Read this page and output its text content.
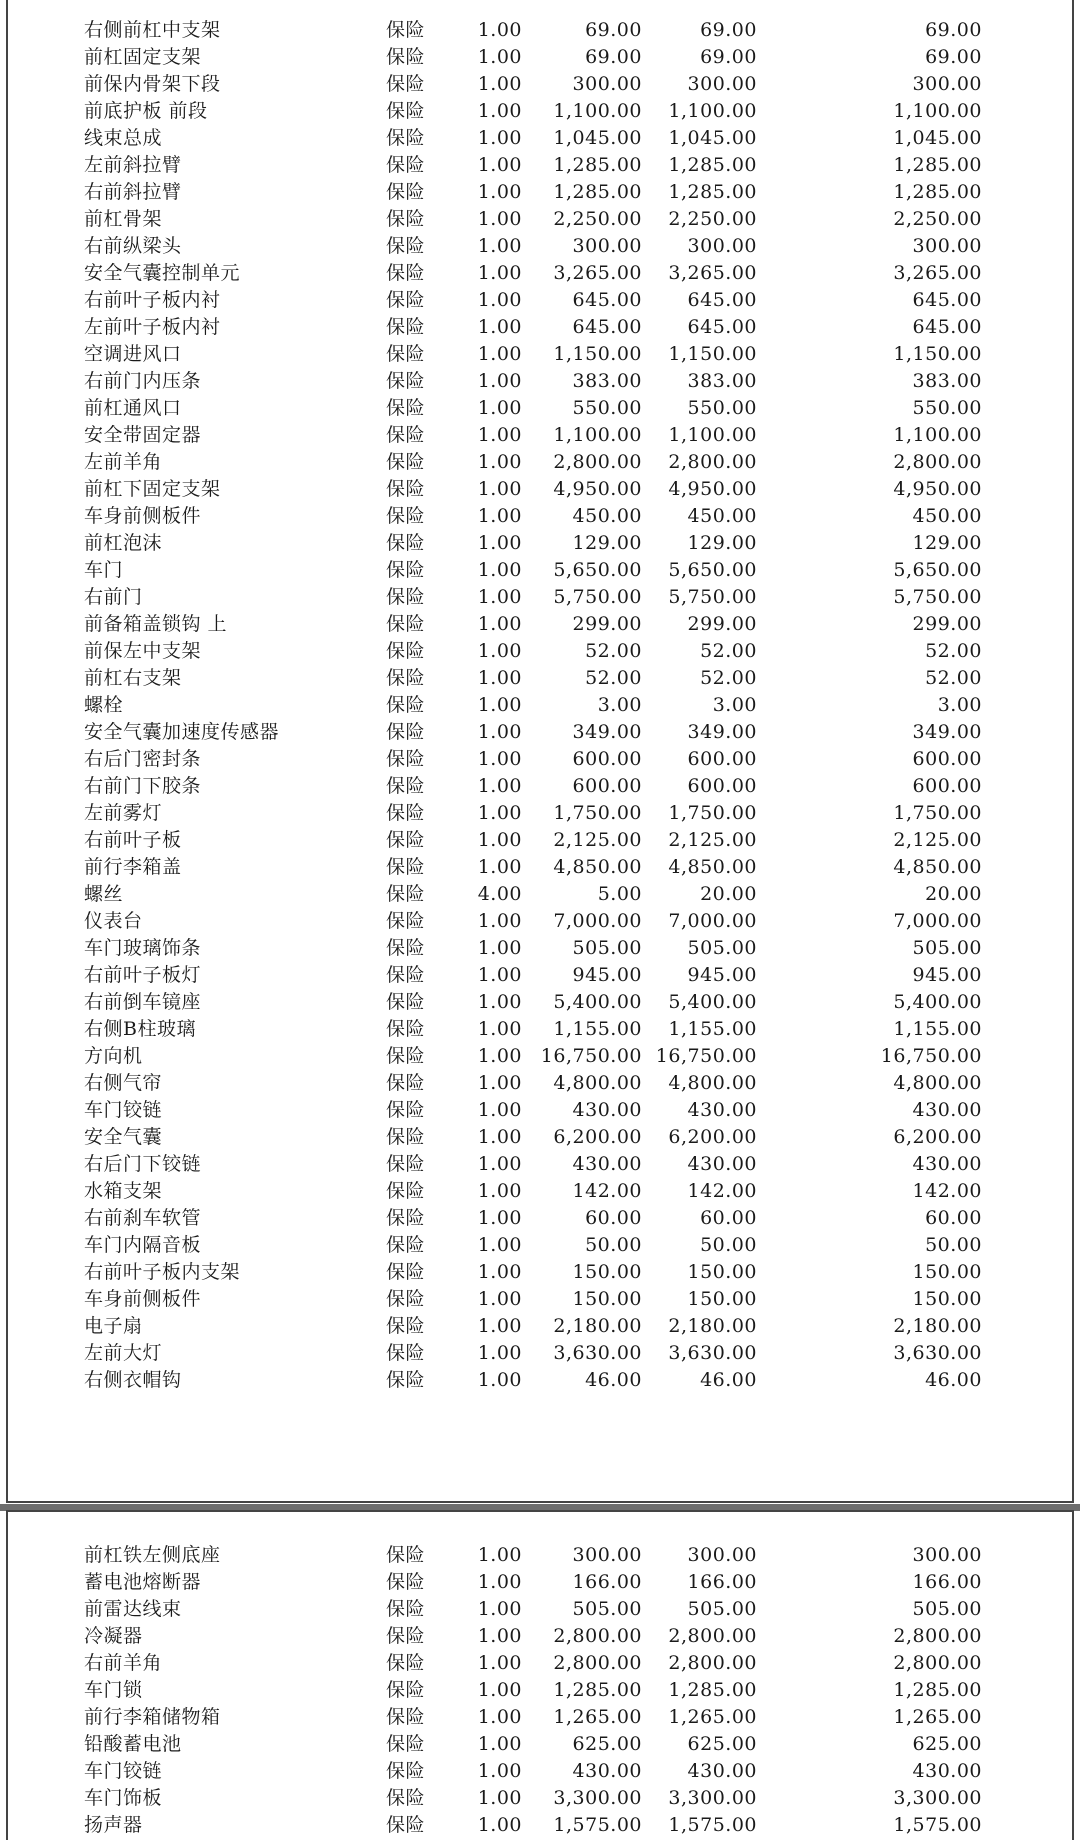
右侧前杠中支架	保险	1.00	69.00	69.00	69.00
前杠固定支架	保险	1.00	69.00	69.00	69.00
前保内骨架下段	保险	1.00	300.00 300.00	300.00
前底护板 前段	保险	1.00 1,100.00 1,100.00	1,100.00
线束总成	保险	1.00 1,045.00 1,045.00	1,045.00
左前斜拉臂	保险	1.00 1,285.00 1,285.00	1,285.00
右前斜拉臂	保险	1.00 1,285.00 1,285.00	1,285.00
前杠骨架	保险	1.00 2,250.00 2,250.00	2,250.00
右前纵梁头	保险	1.00	300.00 300.00	300.00
安全气囊控制单元	保险	1.00 3,265.00 3,265.00	3,265.00
右前叶子板内衬	保险	1.00	645.00 645.00	645.00
左前叶子板内衬	保险	1.00	645.00 645.00	645.00
空调进风口	保险	1.00 1,150.00 1,150.00	1,150.00
右前门内压条	保险	1.00	383.00 383.00	383.00
前杠通风口	保险	1.00	550.00 550.00	550.00
安全带固定器	保险	1.00 1,100.00 1,100.00	1,100.00
左前羊角	保险	1.00 2,800.00 2,800.00	2,800.00
前杠下固定支架	保险	1.00 4,950.00 4,950.00	4,950.00
车身前侧板件	保险	1.00	450.00 450.00	450.00
前杠泡沫	保险	1.00	129.00 129.00	129.00
车门	保险	1.00 5,650.00 5,650.00	5,650.00
右前门	保险	1.00 5,750.00 5,750.00	5,750.00
前备箱盖锁钩 上	保险	1.00	299.00 299.00	299.00
前保左中支架	保险	1.00	52.00	52.00	52.00
前杠右支架	保险	1.00	52.00	52.00	52.00
螺栓	保险	1.00	3.00	3.00	3.00
安全气囊加速度传感器	保险	1.00	349.00 349.00	349.00
右后门密封条	保险	1.00	600.00 600.00	600.00
右前门下胶条	保险	1.00	600.00 600.00	600.00
左前雾灯	保险	1.00 1,750.00 1,750.00	1,750.00
右前叶子板	保险	1.00 2,125.00 2,125.00	2,125.00
前行李箱盖	保险	1.00 4,850.00 4,850.00	4,850.00
螺丝	保险	4.00	5.00	20.00	20.00
仪表台	保险	1.00 7,000.00 7,000.00	7,000.00
车门玻璃饰条	保险	1.00	505.00 505.00	505.00
右前叶子板灯	保险	1.00	945.00 945.00	945.00
右前倒车镜座	保险	1.00 5,400.00 5,400.00	5,400.00
右侧B柱玻璃	保险	1.00 1,155.00 1,155.00	1,155.00
方向机	保险	1.00 16,750.00 16,750.00	16,750.00
右侧气帘	保险	1.00 4,800.00 4,800.00	4,800.00
车门铰链	保险	1.00	430.00 430.00	430.00
安全气囊	保险	1.00 6,200.00 6,200.00	6,200.00
右后门下铰链	保险	1.00	430.00 430.00	430.00
水箱支架	保险	1.00	142.00 142.00	142.00
右前刹车软管	保险	1.00	60.00	60.00	60.00
车门内隔音板	保险	1.00	50.00	50.00	50.00
右前叶子板内支架	保险	1.00	150.00 150.00	150.00
车身前侧板件	保险	1.00	150.00 150.00	150.00
电子扇	保险	1.00 2,180.00 2,180.00	2,180.00
左前大灯	保险	1.00 3,630.00 3,630.00	3,630.00
右侧衣帽钩	保险	1.00	46.00	46.00	46.00
前杠铁左侧底座	保险	1.00	300.00 300.00	300.00
蓄电池熔断器	保险	1.00	166.00 166.00	166.00
前雷达线束	保险	1.00	505.00 505.00	505.00
冷凝器	保险	1.00 2,800.00 2,800.00	2,800.00
右前羊角	保险	1.00 2,800.00 2,800.00	2,800.00
车门锁	保险	1.00 1,285.00 1,285.00	1,285.00
前行李箱储物箱	保险	1.00 1,265.00 1,265.00	1,265.00
铅酸蓄电池	保险	1.00	625.00 625.00	625.00
车门铰链	保险	1.00	430.00 430.00	430.00
车门饰板	保险	1.00 3,300.00 3,300.00	3,300.00
扬声器	保险	1.00 1,575.00 1,575.00	1,575.00
